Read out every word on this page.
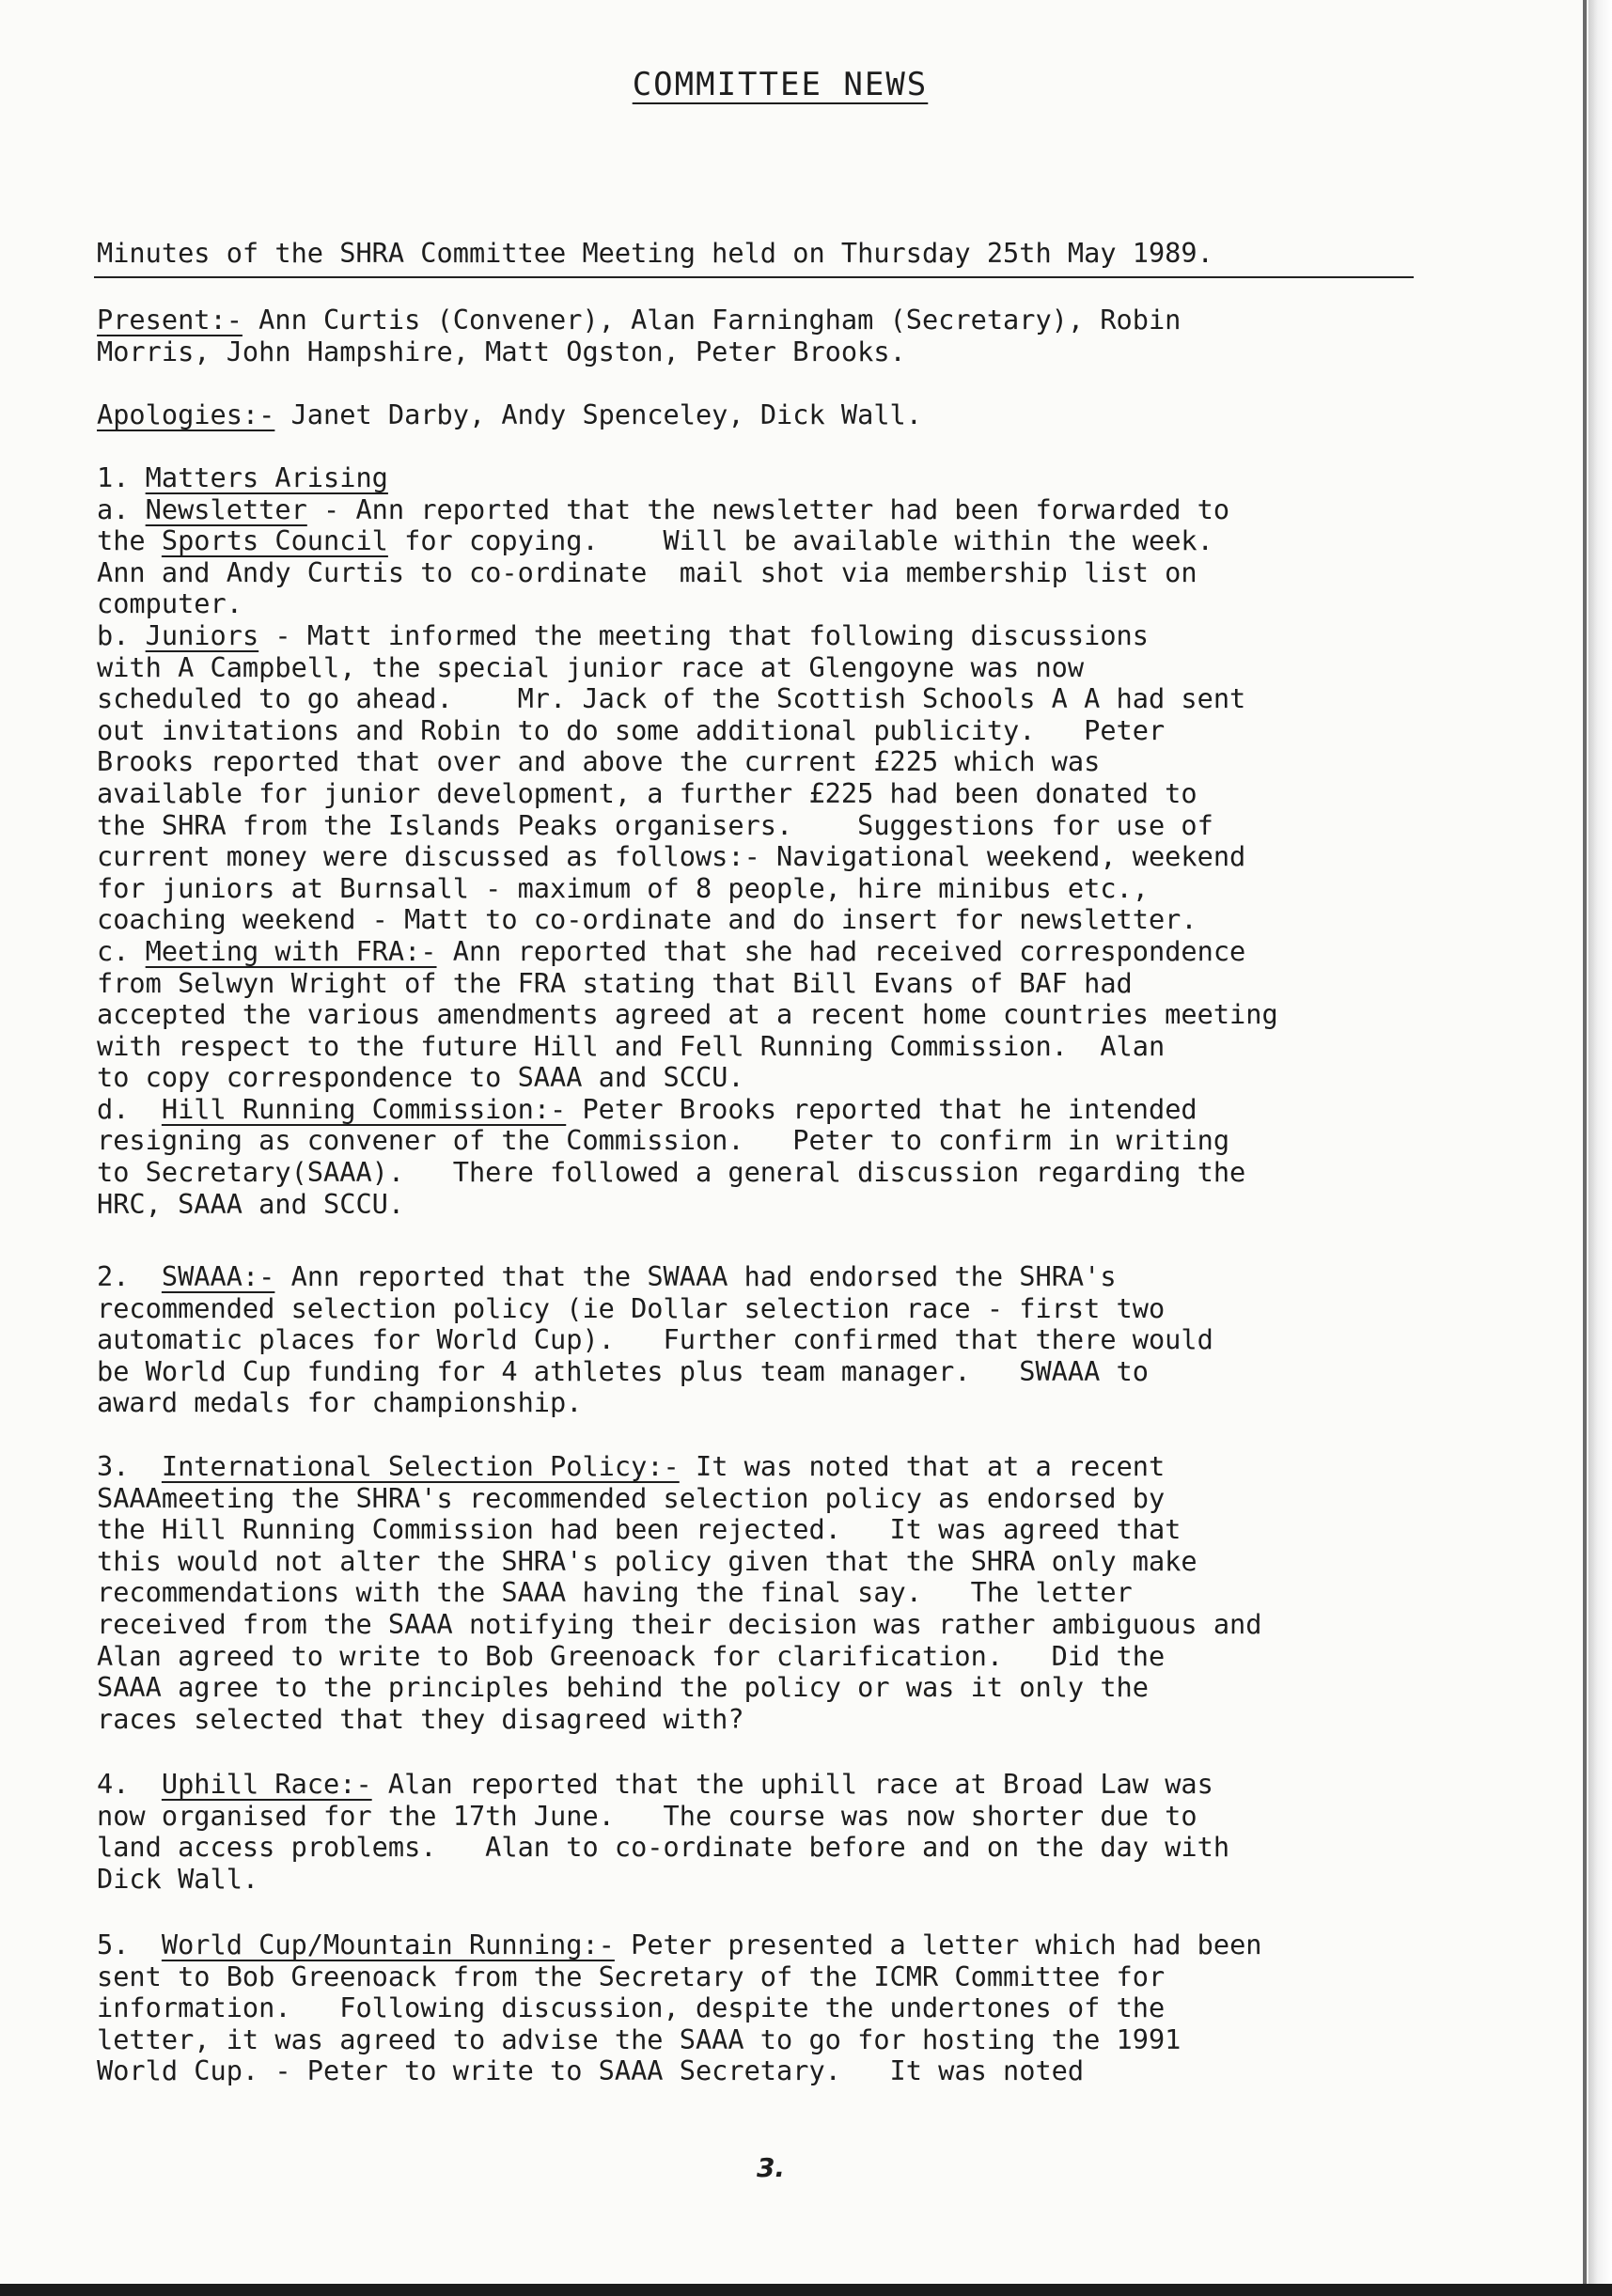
COMMITTEE NEWS
Minutes of the SHRA Committee Meeting held on Thursday 25th May 1989.
Present:- Ann Curtis (Convener), Alan Farningham (Secretary), Robin
Morris, John Hampshire, Matt Ogston, Peter Brooks.
Apologies:- Janet Darby, Andy Spenceley, Dick Wall.
1. Matters Arising
a. Newsletter - Ann reported that the newsletter had been forwarded to
the Sports Council for copying.    Will be available within the week.
Ann and Andy Curtis to co-ordinate  mail shot via membership list on
computer.
b. Juniors - Matt informed the meeting that following discussions
with A Campbell, the special junior race at Glengoyne was now
scheduled to go ahead.    Mr. Jack of the Scottish Schools A A had sent
out invitations and Robin to do some additional publicity.   Peter
Brooks reported that over and above the current £225 which was
available for junior development, a further £225 had been donated to
the SHRA from the Islands Peaks organisers.    Suggestions for use of
current money were discussed as follows:- Navigational weekend, weekend
for juniors at Burnsall - maximum of 8 people, hire minibus etc.,
coaching weekend - Matt to co-ordinate and do insert for newsletter.
c. Meeting with FRA:- Ann reported that she had received correspondence
from Selwyn Wright of the FRA stating that Bill Evans of BAF had
accepted the various amendments agreed at a recent home countries meeting
with respect to the future Hill and Fell Running Commission.  Alan
to copy correspondence to SAAA and SCCU.
d.  Hill Running Commission:- Peter Brooks reported that he intended
resigning as convener of the Commission.   Peter to confirm in writing
to Secretary(SAAA).   There followed a general discussion regarding the
HRC, SAAA and SCCU.
2.  SWAAA:- Ann reported that the SWAAA had endorsed the SHRA's
recommended selection policy (ie Dollar selection race - first two
automatic places for World Cup).   Further confirmed that there would
be World Cup funding for 4 athletes plus team manager.   SWAAA to
award medals for championship.
3.  International Selection Policy:- It was noted that at a recent
SAAAmeeting the SHRA's recommended selection policy as endorsed by
the Hill Running Commission had been rejected.   It was agreed that
this would not alter the SHRA's policy given that the SHRA only make
recommendations with the SAAA having the final say.   The letter
received from the SAAA notifying their decision was rather ambiguous and
Alan agreed to write to Bob Greenoack for clarification.   Did the
SAAA agree to the principles behind the policy or was it only the
races selected that they disagreed with?
4.  Uphill Race:- Alan reported that the uphill race at Broad Law was
now organised for the 17th June.   The course was now shorter due to
land access problems.   Alan to co-ordinate before and on the day with
Dick Wall.
5.  World Cup/Mountain Running:- Peter presented a letter which had been
sent to Bob Greenoack from the Secretary of the ICMR Committee for
information.   Following discussion, despite the undertones of the
letter, it was agreed to advise the SAAA to go for hosting the 1991
World Cup. - Peter to write to SAAA Secretary.   It was noted
3.
